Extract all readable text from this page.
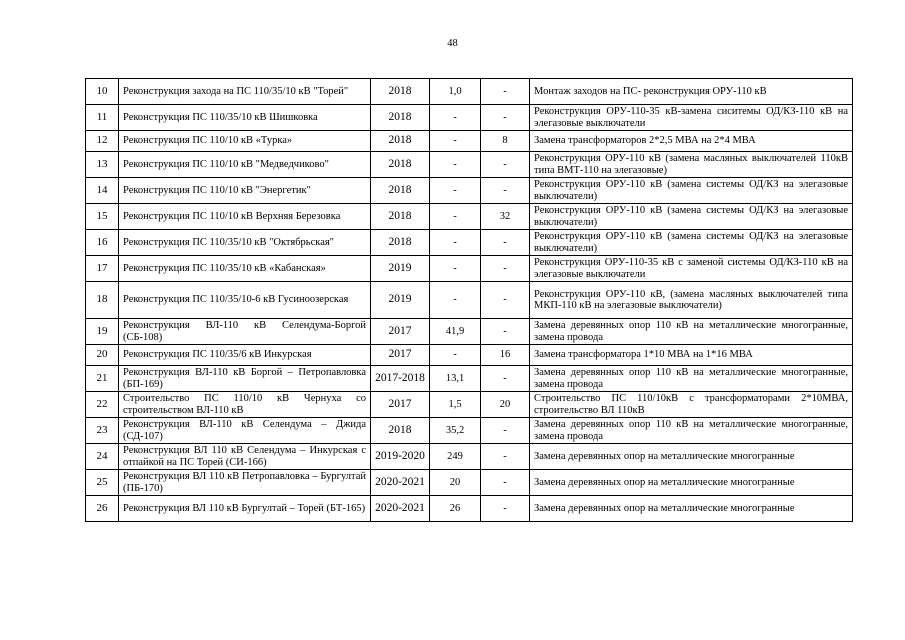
48
10	Реконструкция захода на ПС 110/35/10 кВ "Торей"	2018	1,0	-	Монтаж заходов на ПС- реконструкция ОРУ-110 кВ
11	Реконструкция ПС 110/35/10 кВ Шишковка	2018	-	-	Реконструкция ОРУ-110-35 кВ-замена сиситемы ОД/КЗ-110 кВ на элегазовые выключатели
12	Реконструкция ПС 110/10 кВ «Турка»	2018	-	8	Замена трансформаторов 2*2,5 МВА на 2*4 МВА
13	Реконструкция ПС 110/10 кВ "Медведчиково"	2018	-	-	Реконструкция ОРУ-110 кВ (замена масляных выключателей 110кВ типа ВМТ-110 на элегазовые)
14	Реконструкция ПС 110/10 кВ "Энергетик"	2018	-	-	Реконструкция ОРУ-110 кВ (замена системы ОД/КЗ на элегазовые выключатели)
15	Реконструкция ПС 110/10 кВ Верхняя Березовка	2018	-	32	Реконструкция ОРУ-110 кВ (замена системы ОД/КЗ на элегазовые выключатели)
16	Реконструкция ПС 110/35/10 кВ "Октябрьская"	2018	-	-	Реконструкция ОРУ-110 кВ (замена системы ОД/КЗ на элегазовые выключатели)
17	Реконструкция ПС 110/35/10 кВ «Кабанская»	2019	-	-	Реконструкция ОРУ-110-35 кВ с заменой системы ОД/КЗ-110 кВ на элегазовые выключатели
18	Реконструкция ПС 110/35/10-6 кВ Гусиноозерская	2019	-	-	Реконструкция ОРУ-110 кВ, (замена масляных выключателей типа МКП-110 кВ на элегазовые выключатели)
19	Реконструкция ВЛ-110 кВ Селендума-Боргой (СБ-108)	2017	41,9	-	Замена деревянных опор 110 кВ на металлические многогранные, замена провода
20	Реконструкция ПС 110/35/6 кВ Инкурская	2017	-	16	Замена трансформатора 1*10 МВА на 1*16 МВА
21	Реконструкция ВЛ-110 кВ Боргой – Петропавловка (БП-169)	2017-2018	13,1	-	Замена деревянных опор 110 кВ на металлические многогранные, замена провода
22	Строительство ПС 110/10 кВ Чернуха со строительством ВЛ-110 кВ	2017	1,5	20	Строительство ПС 110/10кВ с трансформаторами 2*10МВА, строительство ВЛ 110кВ
23	Реконструкция ВЛ-110 кВ Селендума – Джида (СД-107)	2018	35,2	-	Замена деревянных опор 110 кВ на металлические многогранные, замена провода
24	Реконструкция ВЛ 110 кВ Селендума – Инкурская с отпайкой на ПС Торей (СИ-166)	2019-2020	249	-	Замена деревянных опор на металлические многогранные
25	Реконструкция ВЛ 110 кВ Петропавловка – Бургултай (ПБ-170)	2020-2021	20	-	Замена деревянных опор на металлические многогранные
26	Реконструкция ВЛ 110 кВ Бургултай – Торей (БТ-165)	2020-2021	26	-	Замена деревянных опор на металлические многогранные
